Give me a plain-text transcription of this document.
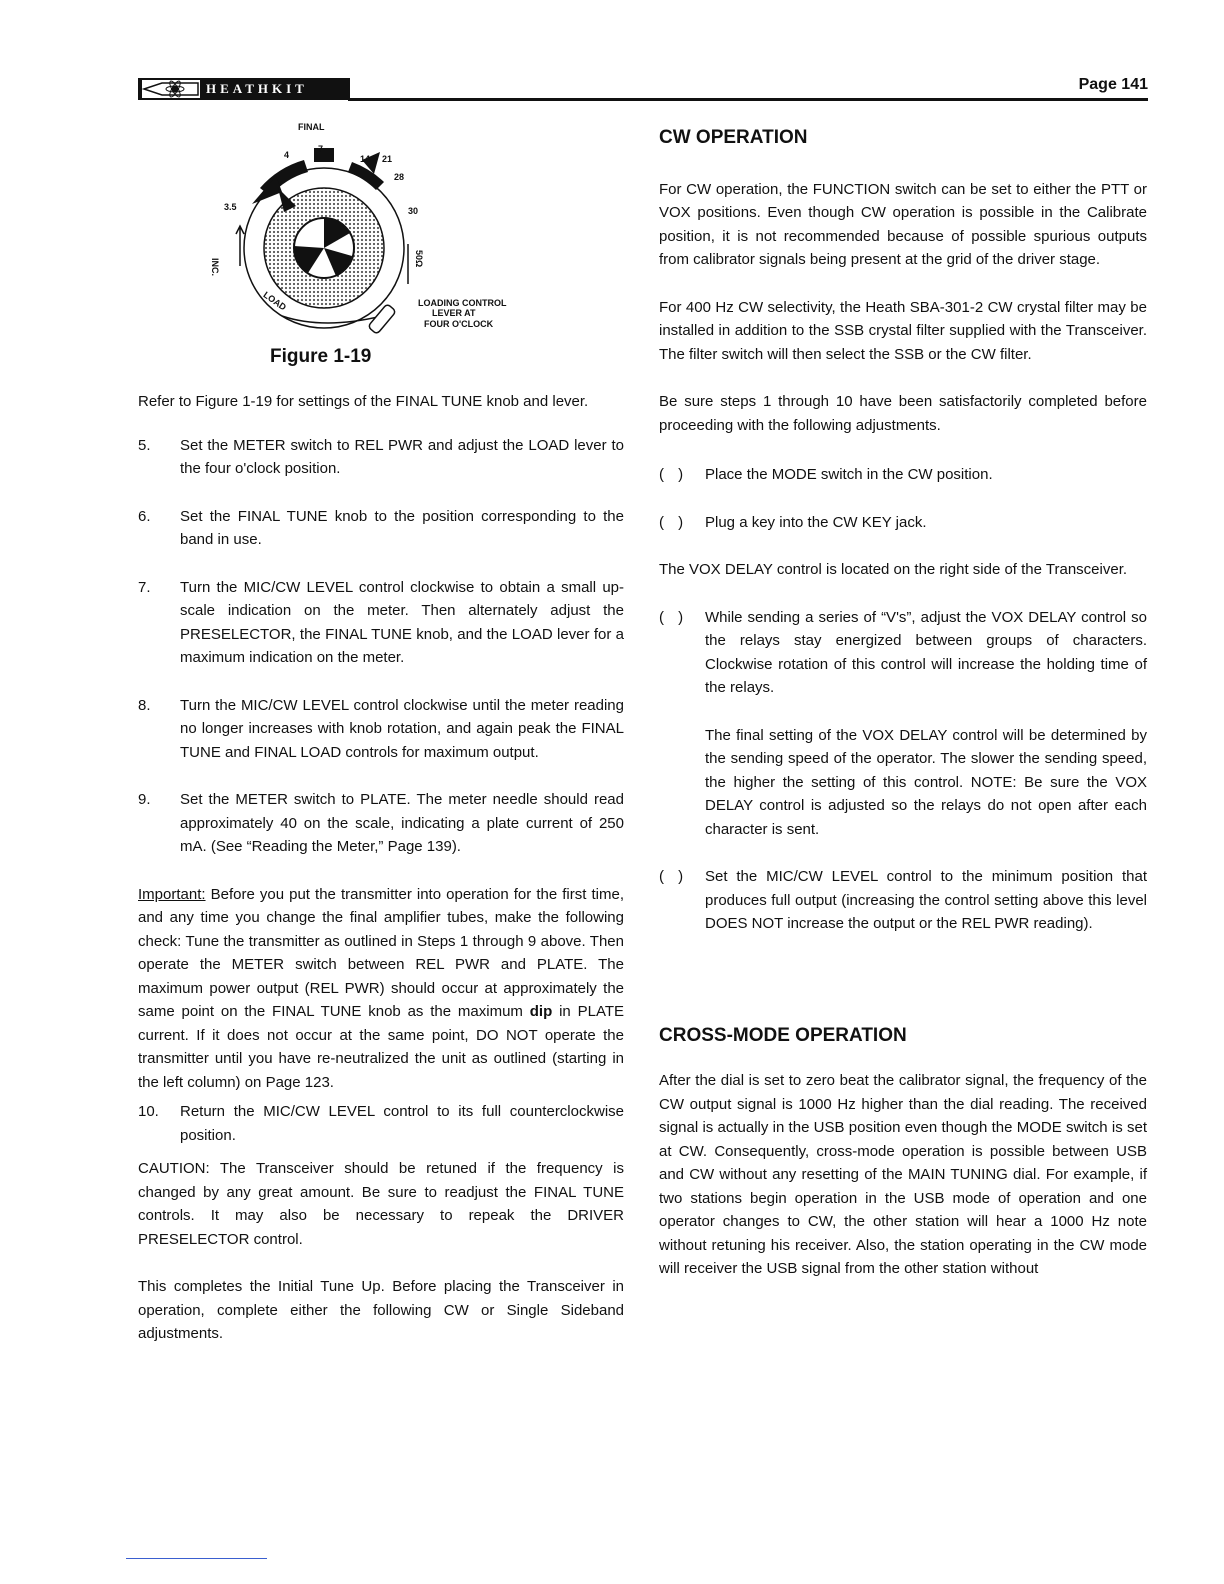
HEATHKIT	Page 141
FINAL
7
4	14 21
28
3.5	30
INC.
LOAD
50Ω
LOADING CONTROL
LEVER AT
FOUR O'CLOCK
Figure 1-19

Refer to Figure 1-19 for settings of the FINAL TUNE knob and lever.

5.	Set the METER switch to REL PWR and adjust the LOAD lever to the four o'clock position.
6.	Set the FINAL TUNE knob to the position corresponding to the band in use.
7.	Turn the MIC/CW LEVEL control clockwise to obtain a small up-scale indication on the meter. Then alternately adjust the PRESELECTOR, the FINAL TUNE knob, and the LOAD lever for a maximum indication on the meter.
8.	Turn the MIC/CW LEVEL control clockwise until the meter reading no longer increases with knob rotation, and again peak the FINAL TUNE and FINAL LOAD controls for maximum output.
9.	Set the METER switch to PLATE. The meter needle should read approximately 40 on the scale, indicating a plate current of 250 mA. (See “Reading the Meter,” Page 139).

Important: Before you put the transmitter into operation for the first time, and any time you change the final amplifier tubes, make the following check: Tune the transmitter as outlined in Steps 1 through 9 above. Then operate the METER switch between REL PWR and PLATE. The maximum power output (REL PWR) should occur at approximately the same point on the FINAL TUNE knob as the maximum dip in PLATE current. If it does not occur at the same point, DO NOT operate the transmitter until you have re-neutralized the unit as outlined (starting in the left column) on Page 123.

10.	Return the MIC/CW LEVEL control to its full counterclockwise position.

CAUTION: The Transceiver should be retuned if the frequency is changed by any great amount. Be sure to readjust the FINAL TUNE controls. It may also be necessary to repeak the DRIVER PRESELECTOR control.

This completes the Initial Tune Up. Before placing the Transceiver in operation, complete either the following CW or Single Sideband adjustments.

CW OPERATION

For CW operation, the FUNCTION switch can be set to either the PTT or VOX positions. Even though CW operation is possible in the Calibrate position, it is not recommended because of possible spurious outputs from calibrator signals being present at the grid of the driver stage.

For 400 Hz CW selectivity, the Heath SBA-301-2 CW crystal filter may be installed in addition to the SSB crystal filter supplied with the Transceiver. The filter switch will then select the SSB or the CW filter.

Be sure steps 1 through 10 have been satisfactorily completed before proceeding with the following adjustments.

( )	Place the MODE switch in the CW position.
( )	Plug a key into the CW KEY jack.

The VOX DELAY control is located on the right side of the Transceiver.

( )	While sending a series of “V's”, adjust the VOX DELAY control so the relays stay energized between groups of characters. Clockwise rotation of this control will increase the holding time of the relays.
The final setting of the VOX DELAY control will be determined by the sending speed of the operator. The slower the sending speed, the higher the setting of this control. NOTE: Be sure the VOX DELAY control is adjusted so the relays do not open after each character is sent.
( )	Set the MIC/CW LEVEL control to the minimum position that produces full output (increasing the control setting above this level DOES NOT increase the output or the REL PWR reading).
CROSS-MODE OPERATION

After the dial is set to zero beat the calibrator signal, the frequency of the CW output signal is 1000 Hz higher than the dial reading. The received signal is actually in the USB position even though the MODE switch is set at CW. Consequently, cross-mode operation is possible between USB and CW without any resetting of the MAIN TUNING dial. For example, if two stations begin operation in the USB mode of operation and one operator changes to CW, the other station will hear a 1000 Hz note without retuning his receiver. Also, the station operating in the CW mode will receiver the USB signal from the other station without
